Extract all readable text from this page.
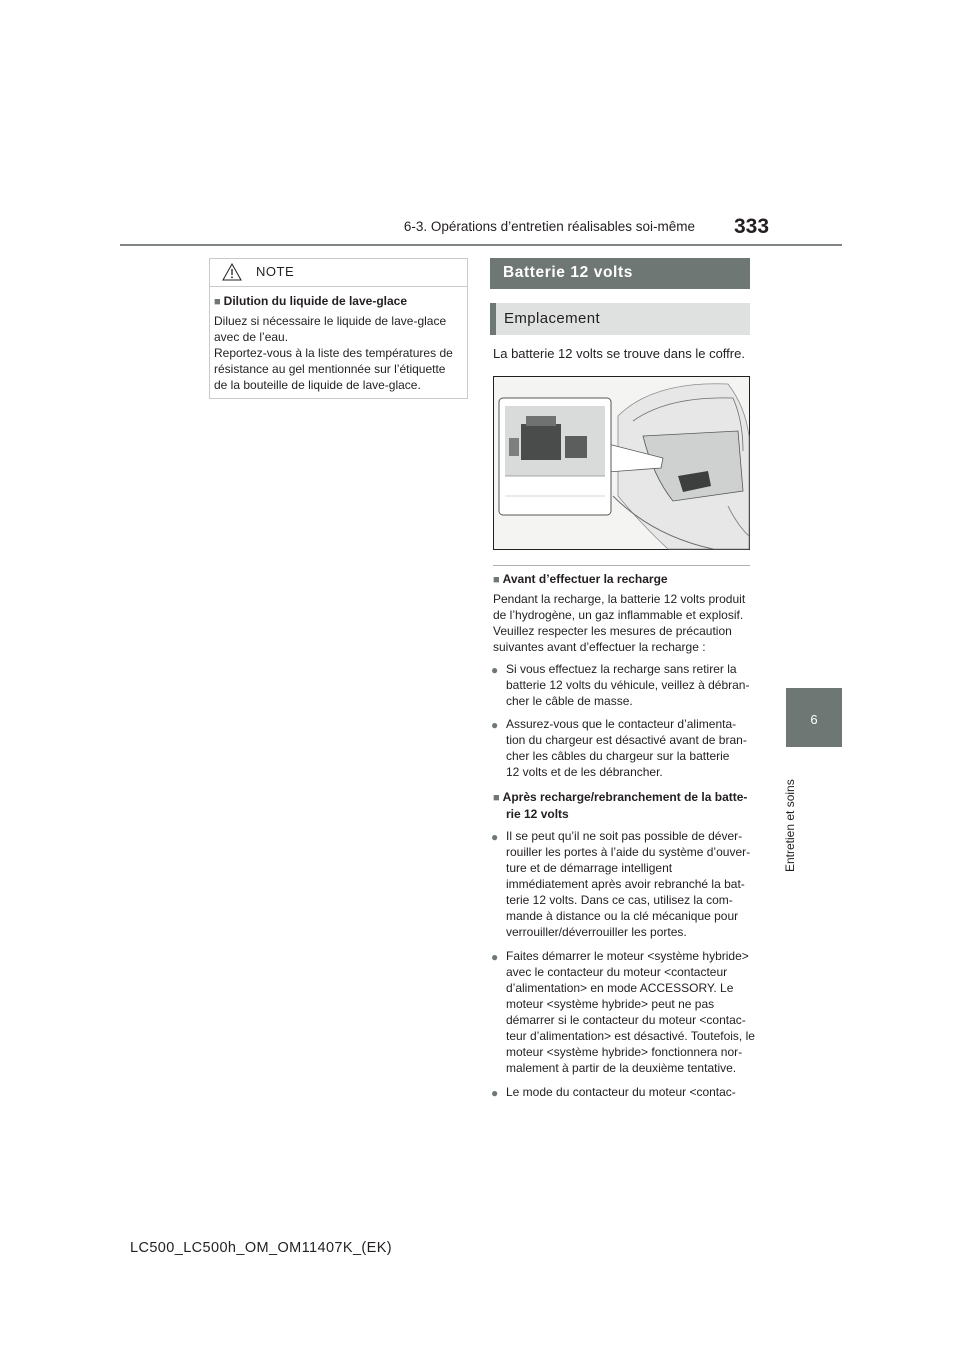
6-3. Opérations d’entretien réalisables soi-même 333
6
Entretien et soins
NOTE
■ Dilution du liquide de lave-glace
Diluez si nécessaire le liquide de lave-glace
avec de l’eau.
Reportez-vous à la liste des températures de
résistance au gel mentionnée sur l’étiquette
de la bouteille de liquide de lave-glace.
Batterie 12 volts
Emplacement
La batterie 12 volts se trouve dans le coffre.
■ Avant d’effectuer la recharge
Pendant la recharge, la batterie 12 volts produit
de l’hydrogène, un gaz inflammable et explosif.
Veuillez respecter les mesures de précaution
suivantes avant d’effectuer la recharge :
● Si vous effectuez la recharge sans retirer la
batterie 12 volts du véhicule, veillez à débran-
cher le câble de masse.
● Assurez-vous que le contacteur d’alimenta-
tion du chargeur est désactivé avant de bran-
cher les câbles du chargeur sur la batterie
12 volts et de les débrancher.
■ Après recharge/rebranchement de la batte-
rie 12 volts
● Il se peut qu’il ne soit pas possible de déver-
rouiller les portes à l’aide du système d’ouver-
ture et de démarrage intelligent
immédiatement après avoir rebranché la bat-
terie 12 volts. Dans ce cas, utilisez la com-
mande à distance ou la clé mécanique pour
verrouiller/déverrouiller les portes.
● Faites démarrer le moteur <système hybride>
avec le contacteur du moteur <contacteur
d’alimentation> en mode ACCESSORY. Le
moteur <système hybride> peut ne pas
démarrer si le contacteur du moteur <contac-
teur d’alimentation> est désactivé. Toutefois, le
moteur <système hybride> fonctionnera nor-
malement à partir de la deuxième tentative.
● Le mode du contacteur du moteur <contac-
LC500_LC500h_OM_OM11407K_(EK)
